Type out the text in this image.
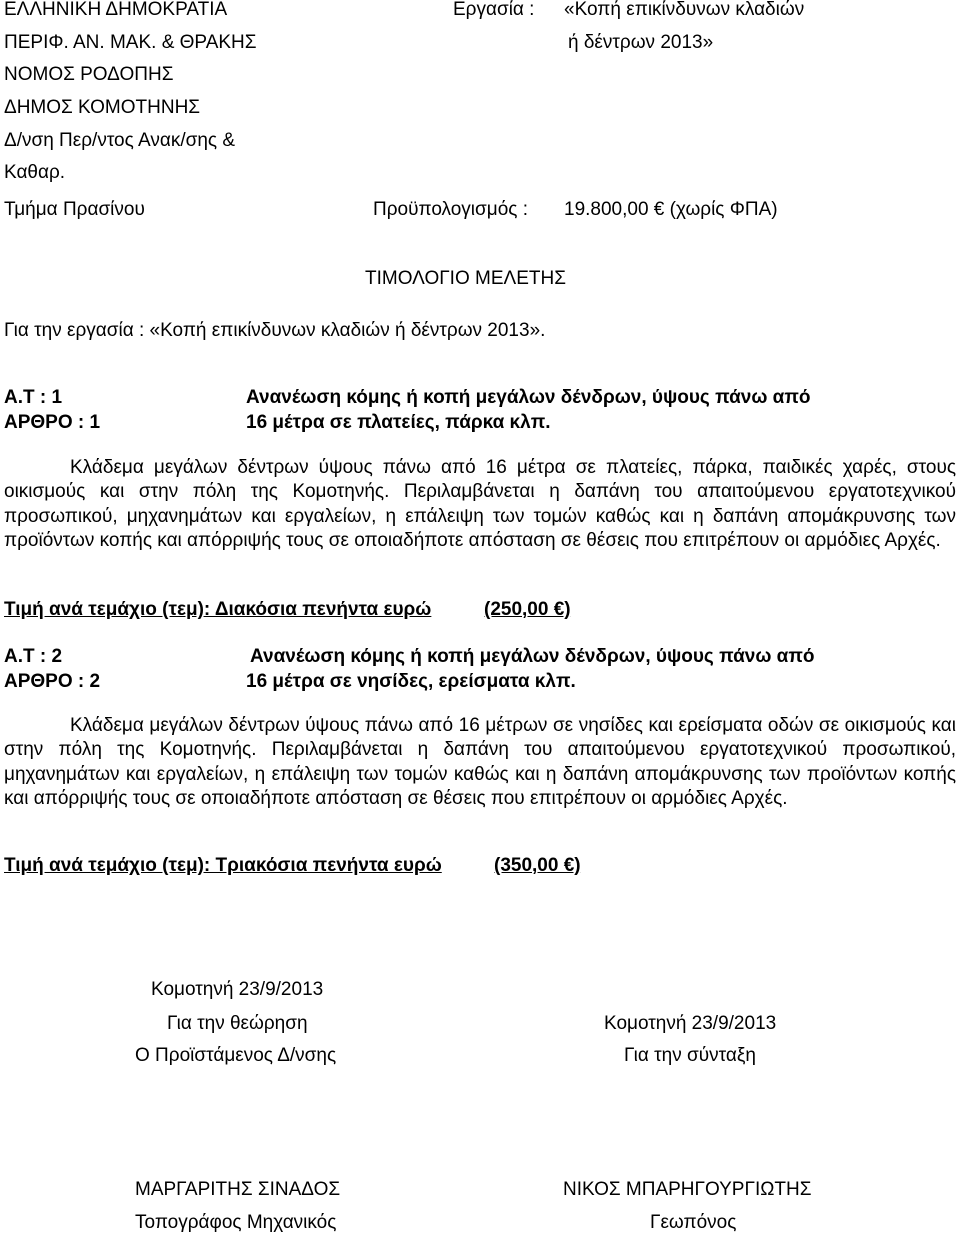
ΕΛΛΗΝΙΚΗ ΔΗΜΟΚΡΑΤΙΑ
ΠΕΡΙΦ. ΑΝ. ΜΑΚ. & ΘΡΑΚΗΣ
ΝΟΜΟΣ ΡΟΔΟΠΗΣ
ΔΗΜΟΣ ΚΟΜΟΤΗΝΗΣ
Δ/νση Περ/ντος Ανακ/σης &
Καθαρ.
Τμήμα Πρασίνου
Εργασία : «Κοπή επικίνδυνων κλαδιών
ή δέντρων 2013»
Προϋπολογισμός : 19.800,00 € (χωρίς ΦΠΑ)
ΤΙΜΟΛΟΓΙΟ ΜΕΛΕΤΗΣ
Για την εργασία : «Κοπή επικίνδυνων κλαδιών ή δέντρων 2013».
Α.Τ : 1
ΑΡΘΡΟ : 1
Ανανέωση κόμης ή κοπή μεγάλων δένδρων, ύψους πάνω από
16 μέτρα σε πλατείες, πάρκα κλπ.
Κλάδεμα μεγάλων δέντρων ύψους πάνω από 16 μέτρα σε πλατείες, πάρκα, παιδικές χαρές, στους οικισμούς και στην πόλη της Κομοτηνής. Περιλαμβάνεται η δαπάνη του απαιτούμενου εργατοτεχνικού προσωπικού, μηχανημάτων και εργαλείων, η επάλειψη των τομών καθώς και η δαπάνη απομάκρυνσης των προϊόντων κοπής και απόρριψής τους σε οποιαδήποτε απόσταση σε θέσεις που επιτρέπουν οι αρμόδιες Αρχές.
Τιμή ανά τεμάχιο (τεμ): Διακόσια πενήντα ευρώ	(250,00 €)
Α.Τ : 2
ΑΡΘΡΟ : 2
Ανανέωση κόμης ή κοπή μεγάλων δένδρων, ύψους πάνω από
16 μέτρα σε νησίδες, ερείσματα κλπ.
Κλάδεμα μεγάλων δέντρων ύψους πάνω από 16 μέτρων σε νησίδες και ερείσματα οδών σε οικισμούς και στην πόλη της Κομοτηνής. Περιλαμβάνεται η δαπάνη του απαιτούμενου εργατοτεχνικού προσωπικού, μηχανημάτων και εργαλείων, η επάλειψη των τομών καθώς και η δαπάνη απομάκρυνσης των προϊόντων κοπής και απόρριψής τους σε οποιαδήποτε απόσταση σε θέσεις που επιτρέπουν οι αρμόδιες Αρχές.
Τιμή ανά τεμάχιο (τεμ): Τριακόσια πενήντα ευρώ	(350,00 €)
Κομοτηνή 23/9/2013
Για την θεώρηση
Ο Προϊστάμενος Δ/νσης
Κομοτηνή 23/9/2013
Για την σύνταξη
ΜΑΡΓΑΡΙΤΗΣ ΣΙΝΑΔΟΣ
Τοπογράφος Μηχανικός
ΝΙΚΟΣ ΜΠΑΡΗΓΟΥΡΓΙΩΤΗΣ
Γεωπόνος
